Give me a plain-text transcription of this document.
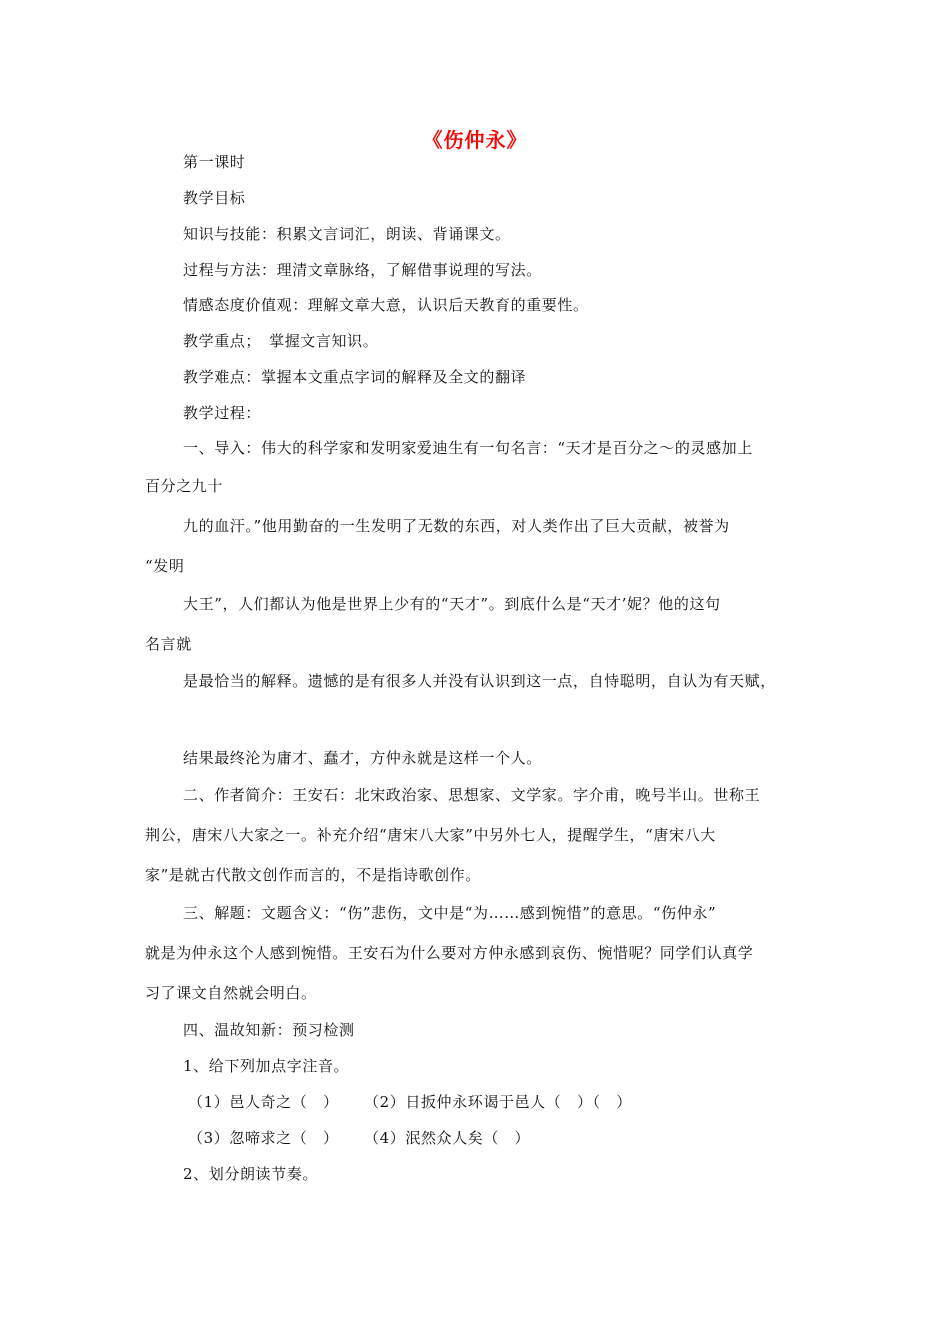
《伤仲永》
第一课时
教学目标
知识与技能：积累文言词汇，朗读、背诵课文。
过程与方法：理清文章脉络，了解借事说理的写法。
情感态度价值观：理解文章大意，认识后天教育的重要性。
教学重点；　掌握文言知识。
教学难点：掌握本文重点字词的解释及全文的翻译
教学过程：
一、导入：伟大的科学家和发明家爱迪生有一句名言：“天才是百分之～的灵感加上
百分之九十
九的血汗。”他用勤奋的一生发明了无数的东西，对人类作出了巨大贡献，被誉为
“发明
大王”，人们都认为他是世界上少有的“天才”。到底什么是“天才’妮？他的这句
名言就
是最恰当的解释。遗憾的是有很多人并没有认识到这一点，自恃聪明，自认为有天赋，
结果最终沦为庸才、蠢才，方仲永就是这样一个人。
二、作者简介：王安石：北宋政治家、思想家、文学家。字介甫，晚号半山。世称王
荆公，唐宋八大家之一。补充介绍“唐宋八大家”中另外七人，提醒学生，“唐宋八大
家”是就古代散文创作而言的，不是指诗歌创作。
三、解题：文题含义：“伤”悲伤，文中是“为……感到惋惜”的意思。“伤仲永”
就是为仲永这个人感到惋惜。王安石为什么要对方仲永感到哀伤、惋惜呢？同学们认真学
习了课文自然就会明白。
四、温故知新：预习检测
1、给下列加点字注音。
（1）邑人奇之（　） （2）日扳仲永环谒于邑人（　）（　）
（3）忽啼求之（　） （4）泯然众人矣（　）
2、划分朗读节奏。
